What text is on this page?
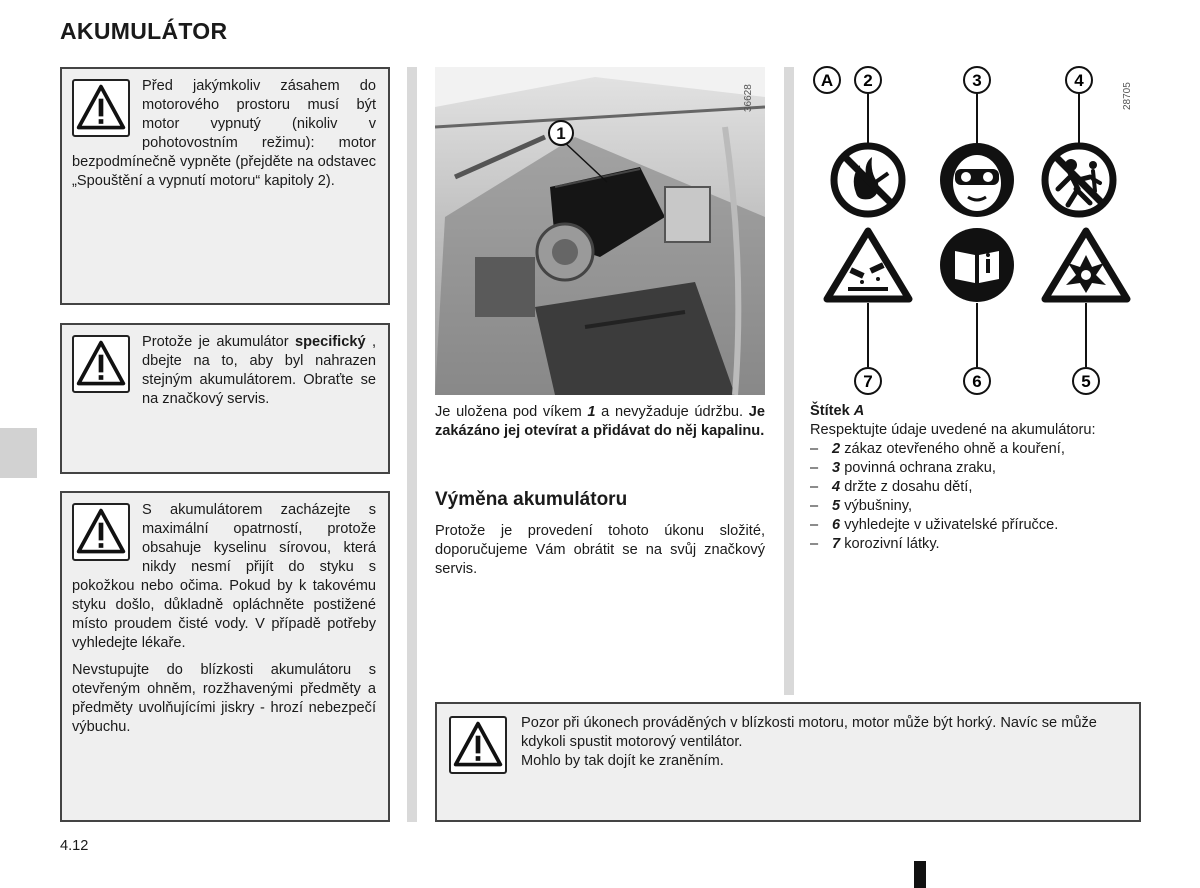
AKUMULÁTOR

Před jakýmkoliv zásahem do motorového prostoru musí být motor vypnutý (nikoliv v pohotovostním režimu): motor bezpodmínečně vypněte (přejděte na odstavec „Spouštění a vypnutí motoru“ kapitoly 2).

Protože je akumulátor specifický , dbejte na to, aby byl nahrazen stejným akumulátorem. Obraťte se na značkový servis.

S akumulátorem zacházejte s maximální opatrností, protože obsahuje kyselinu sírovou, která nikdy nesmí přijít do styku s pokožkou nebo očima. Pokud by k takovému styku došlo, důkladně opláchněte postižené místo proudem čisté vody. V případě potřeby vyhledejte lékaře.

Nevstupujte do blízkosti akumulátoru s otevřeným ohněm, rozžhavenými předměty a předměty uvolňujícími jiskry - hrozí nebezpečí výbuchu.

1
36628

Je uložena pod víkem 1 a nevyžaduje údržbu. Je zakázáno jej otevírat a přidávat do něj kapalinu.

Výměna akumulátoru

Protože je provedení tohoto úkonu složité, doporučujeme Vám obrátit se na svůj značkový servis.

A 2	3	4
7	6	5
28705
Štítek A
Respektujte údaje uvedené na akumulátoru:
– 2 zákaz otevřeného ohně a kouření,
– 3 povinná ochrana zraku,
– 4 držte z dosahu dětí,
– 5 výbušniny,
– 6 vyhledejte v uživatelské příručce.
– 7 korozivní látky.
Pozor při úkonech prováděných v blízkosti motoru, motor může být horký. Navíc se může kdykoli spustit motorový ventilátor.
Mohlo by tak dojít ke zraněním.
4.12
